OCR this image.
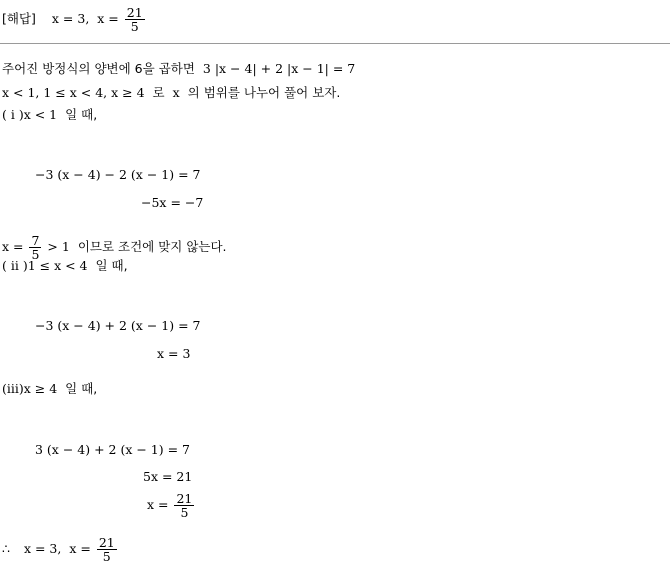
[해답] x = 3, $x = \frac{21}{5}$
주어진 방정식의 양변에 6을 곱하면 3 |x − 4| + 2 |x − 1| = 7
x < 1, 1 ≤ x < 4, x ≥ 4 로 x 의 범위를 나누어 풀어 보자.
( i )x < 1 일 때,
−3 (x − 4) − 2 (x − 1) = 7
−5x = −7
$x = \frac{7}{5} > 1$ 이므로 조건에 맞지 않는다.
( ii )1 ≤ x < 4 일 때,
−3 (x − 4) + 2 (x − 1) = 7
x = 3
(iii)x ≥ 4 일 때,
3 (x − 4) + 2 (x − 1) = 7
5x = 21
$x = \frac{21}{5}$
∴ x = 3, $x = \frac{21}{5}$
